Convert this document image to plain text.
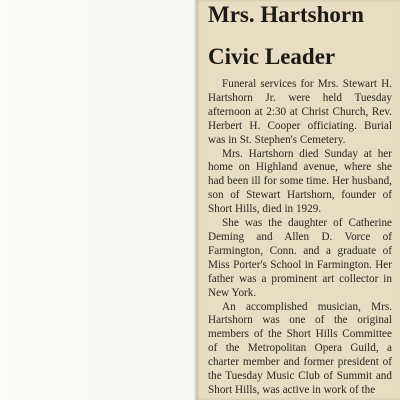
Mrs. Hartshorn
Civic Leader

Funeral services for Mrs. Stewart H. Hartshorn Jr. were held Tuesday afternoon at 2:30 at Christ Church, Rev. Herbert H. Cooper officiating. Burial was in St. Stephen's Cemetery.

Mrs. Hartshorn died Sunday at her home on Highland avenue, where she had been ill for some time. Her husband, son of Stewart Hartshorn, founder of Short Hills, died in 1929.

She was the daughter of Catherine Deming and Allen D. Vorce of Farmington, Conn. and a graduate of Miss Porter's School in Farmington. Her father was a prominent art collector in New York.

An accomplished musician, Mrs. Hartshorn was one of the original members of the Short Hills Committee of the Metropolitan Opera Guild, a charter member and former president of the Tuesday Music Club of Summit and Short Hills, was active in work of the
